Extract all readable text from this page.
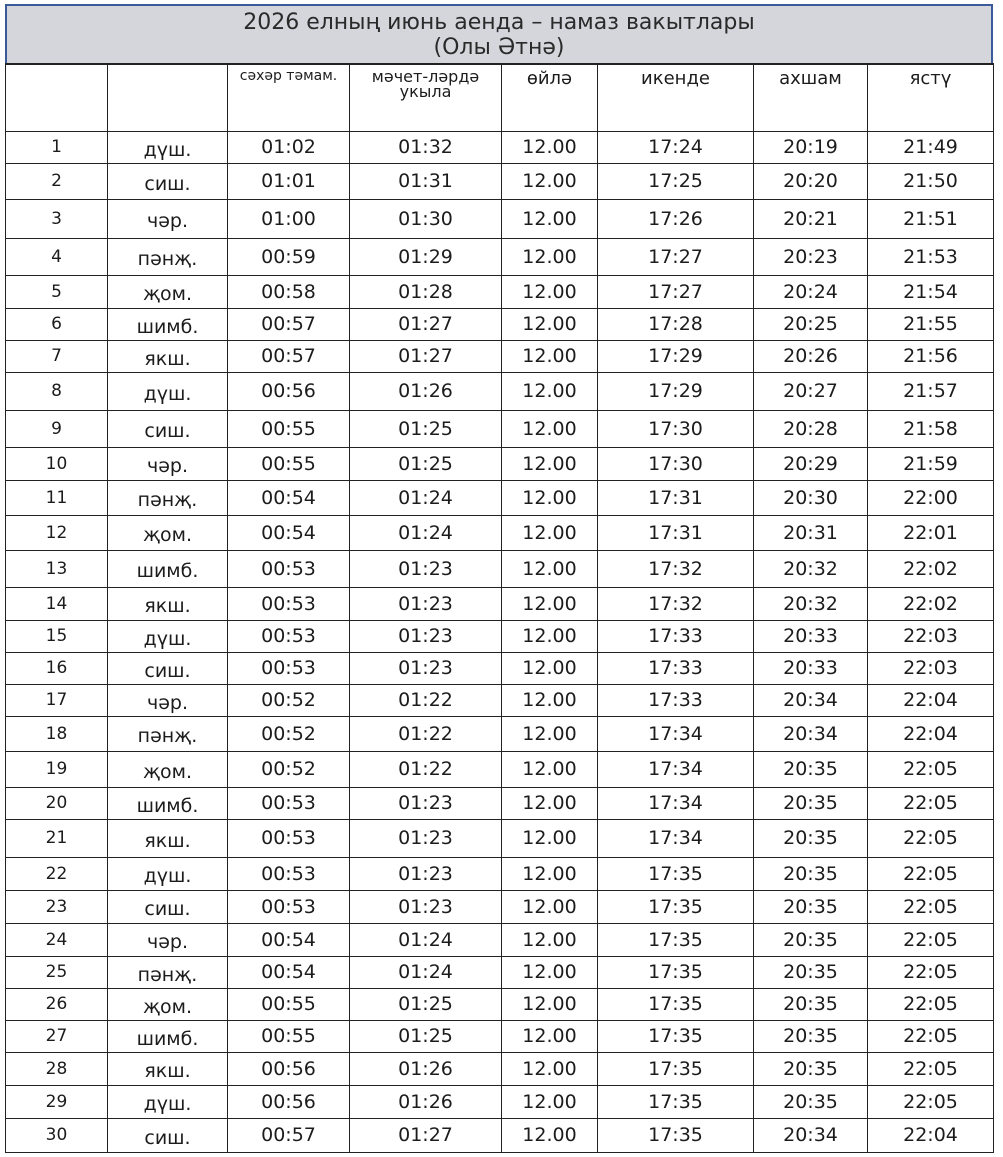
2026 елның июнь аенда – намаз вакытлары
(Олы Әтнә)
		сәхәр тәмам.	мәчет-ләрдә укыла	өйлә	икенде	ахшам	ястү
1	дүш.	01:02	01:32	12.00	17:24	20:19	21:49
2	сиш.	01:01	01:31	12.00	17:25	20:20	21:50
3	чәр.	01:00	01:30	12.00	17:26	20:21	21:51
4	пәнҗ.	00:59	01:29	12.00	17:27	20:23	21:53
5	җом.	00:58	01:28	12.00	17:27	20:24	21:54
6	шимб.	00:57	01:27	12.00	17:28	20:25	21:55
7	якш.	00:57	01:27	12.00	17:29	20:26	21:56
8	дүш.	00:56	01:26	12.00	17:29	20:27	21:57
9	сиш.	00:55	01:25	12.00	17:30	20:28	21:58
10	чәр.	00:55	01:25	12.00	17:30	20:29	21:59
11	пәнҗ.	00:54	01:24	12.00	17:31	20:30	22:00
12	җом.	00:54	01:24	12.00	17:31	20:31	22:01
13	шимб.	00:53	01:23	12.00	17:32	20:32	22:02
14	якш.	00:53	01:23	12.00	17:32	20:32	22:02
15	дүш.	00:53	01:23	12.00	17:33	20:33	22:03
16	сиш.	00:53	01:23	12.00	17:33	20:33	22:03
17	чәр.	00:52	01:22	12.00	17:33	20:34	22:04
18	пәнҗ.	00:52	01:22	12.00	17:34	20:34	22:04
19	җом.	00:52	01:22	12.00	17:34	20:35	22:05
20	шимб.	00:53	01:23	12.00	17:34	20:35	22:05
21	якш.	00:53	01:23	12.00	17:34	20:35	22:05
22	дүш.	00:53	01:23	12.00	17:35	20:35	22:05
23	сиш.	00:53	01:23	12.00	17:35	20:35	22:05
24	чәр.	00:54	01:24	12.00	17:35	20:35	22:05
25	пәнҗ.	00:54	01:24	12.00	17:35	20:35	22:05
26	җом.	00:55	01:25	12.00	17:35	20:35	22:05
27	шимб.	00:55	01:25	12.00	17:35	20:35	22:05
28	якш.	00:56	01:26	12.00	17:35	20:35	22:05
29	дүш.	00:56	01:26	12.00	17:35	20:35	22:05
30	сиш.	00:57	01:27	12.00	17:35	20:34	22:04
